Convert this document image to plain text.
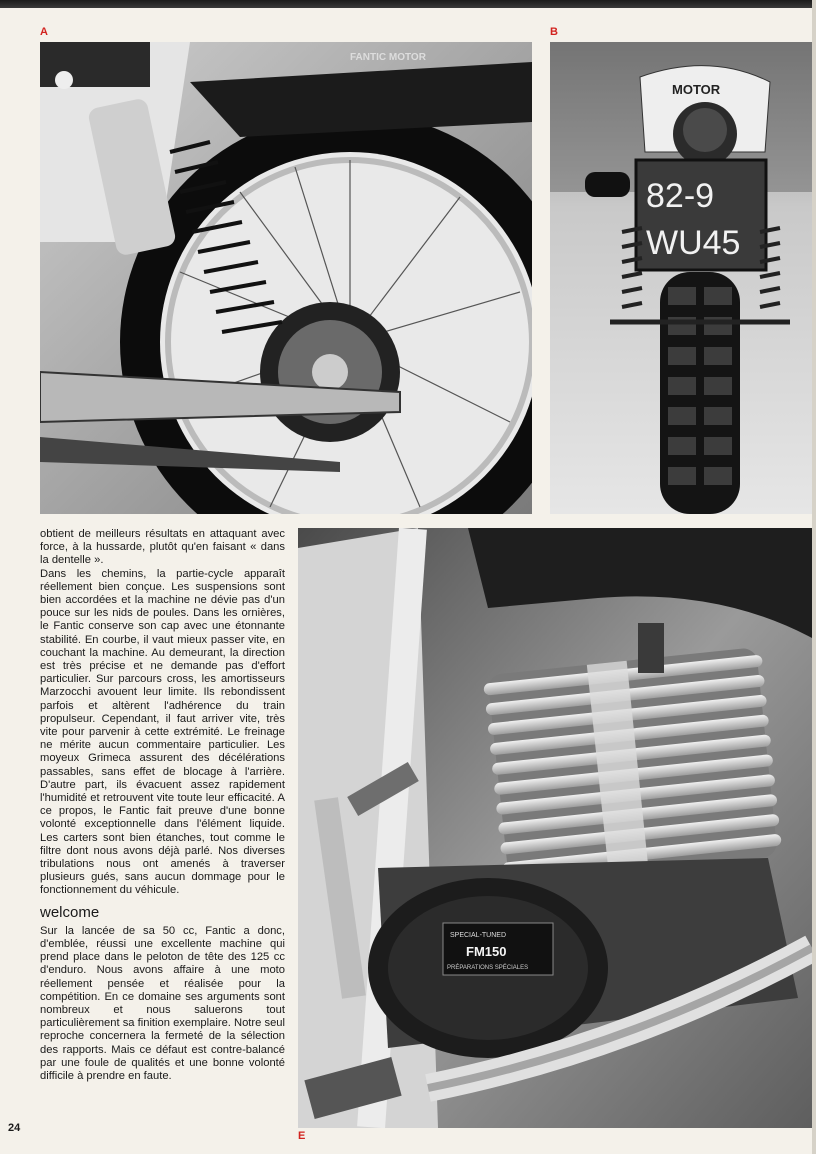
A	B
E
FANTIC MOTOR
MOTOR
82-9
WU45
SPECIAL-TUNED
FM150
PRÉPARATIONS SPÉCIALES

obtient de meilleurs résultats en attaquant avec force, à la hussarde, plutôt qu'en faisant « dans la dentelle ».

Dans les chemins, la partie-cycle apparaît réellement bien conçue. Les suspensions sont bien accordées et la machine ne dévie pas d'un pouce sur les nids de poules. Dans les ornières, le Fantic conserve son cap avec une étonnante stabilité. En courbe, il vaut mieux passer vite, en couchant la machine. Au demeurant, la direction est très précise et ne demande pas d'effort particulier. Sur parcours cross, les amortisseurs Marzocchi avouent leur limite. Ils rebondissent parfois et altèrent l'adhérence du train propulseur. Cependant, il faut arriver vite, très vite pour parvenir à cette extrémité. Le freinage ne mérite aucun commentaire particulier. Les moyeux Grimeca assurent des décélérations passables, sans effet de blocage à l'arrière. D'autre part, ils évacuent assez rapidement l'humidité et retrouvent vite toute leur efficacité. A ce propos, le Fantic fait preuve d'une bonne volonté exceptionnelle dans l'élément liquide. Les carters sont bien étanches, tout comme le filtre dont nous avons déjà parlé. Nos diverses tribulations nous ont amenés à traverser plusieurs gués, sans aucun dommage pour le fonctionnement du véhicule.

welcome

Sur la lancée de sa 50 cc, Fantic a donc, d'emblée, réussi une excellente machine qui prend place dans le peloton de tête des 125 cc d'enduro. Nous avons affaire à une moto réellement pensée et réalisée pour la compétition. En ce domaine ses arguments sont nombreux et nous saluerons tout particulièrement sa finition exemplaire. Notre seul reproche concernera la fermeté de la sélection des rapports. Mais ce défaut est contre-balancé par une foule de qualités et une bonne volonté difficile à prendre en faute.

24
